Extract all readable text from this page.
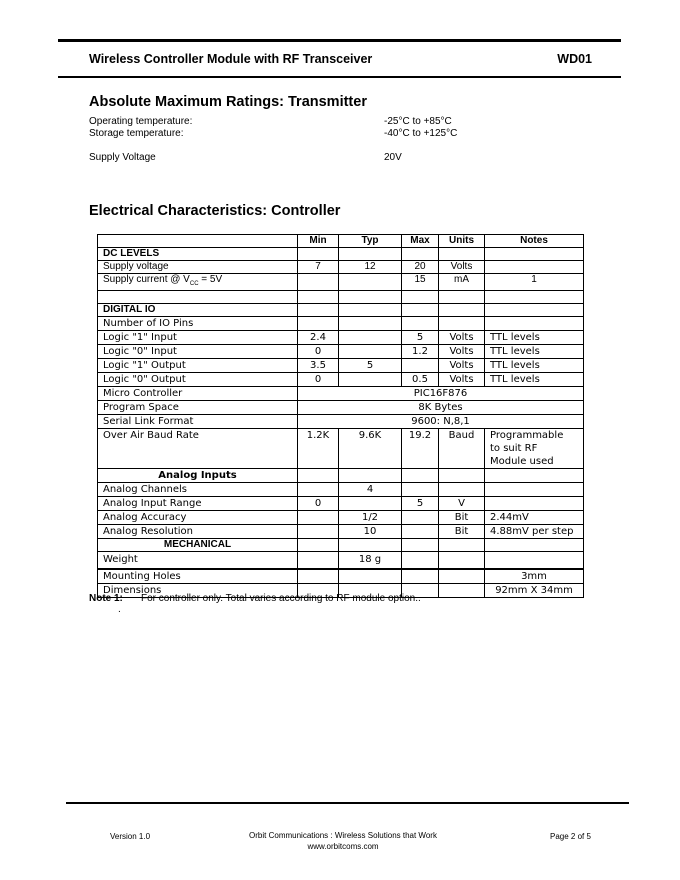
Wireless Controller Module with RF Transceiver	WD01
Absolute Maximum Ratings: Transmitter
Operating temperature:	-25°C to +85°C
Storage temperature:	-40°C to +125°C
Supply Voltage	20V
Electrical Characteristics: Controller
	Min	Typ	Max	Units	Notes
DC LEVELS					
Supply voltage	7	12	20	Volts	
Supply current @ $V_{CC} = 5V$			15	mA	1

DIGITAL IO					
Number of IO Pins					
Logic "1" Input	2.4		5	Volts	TTL levels
Logic "0" Input	0		1.2	Volts	TTL levels
Logic "1" Output	3.5	5		Volts	TTL levels
Logic "0" Output	0		0.5	Volts	TTL levels
Micro Controller	PIC16F876				
Program Space	8K Bytes				
Serial Link Format	9600: N,8,1				
Over Air Baud Rate	1.2K	9.6K	19.2	Baud	Programmable
to suit RF
Module used

Analog Inputs					
Analog Channels		4			
Analog Input Range	0		5	V	
Analog Accuracy		1/2		Bit	2.44mV
Analog Resolution		10		Bit	4.88mV per step
MECHANICAL					
Weight		18 g			
Mounting Holes					3mm
Dimensions					92mm X 34mm
Note 1: For controller only. Total varies according to RF module option..
.
Version 1.0	Orbit Communications : Wireless Solutions that Work
www.orbitcoms.com
Page 2 of 5
